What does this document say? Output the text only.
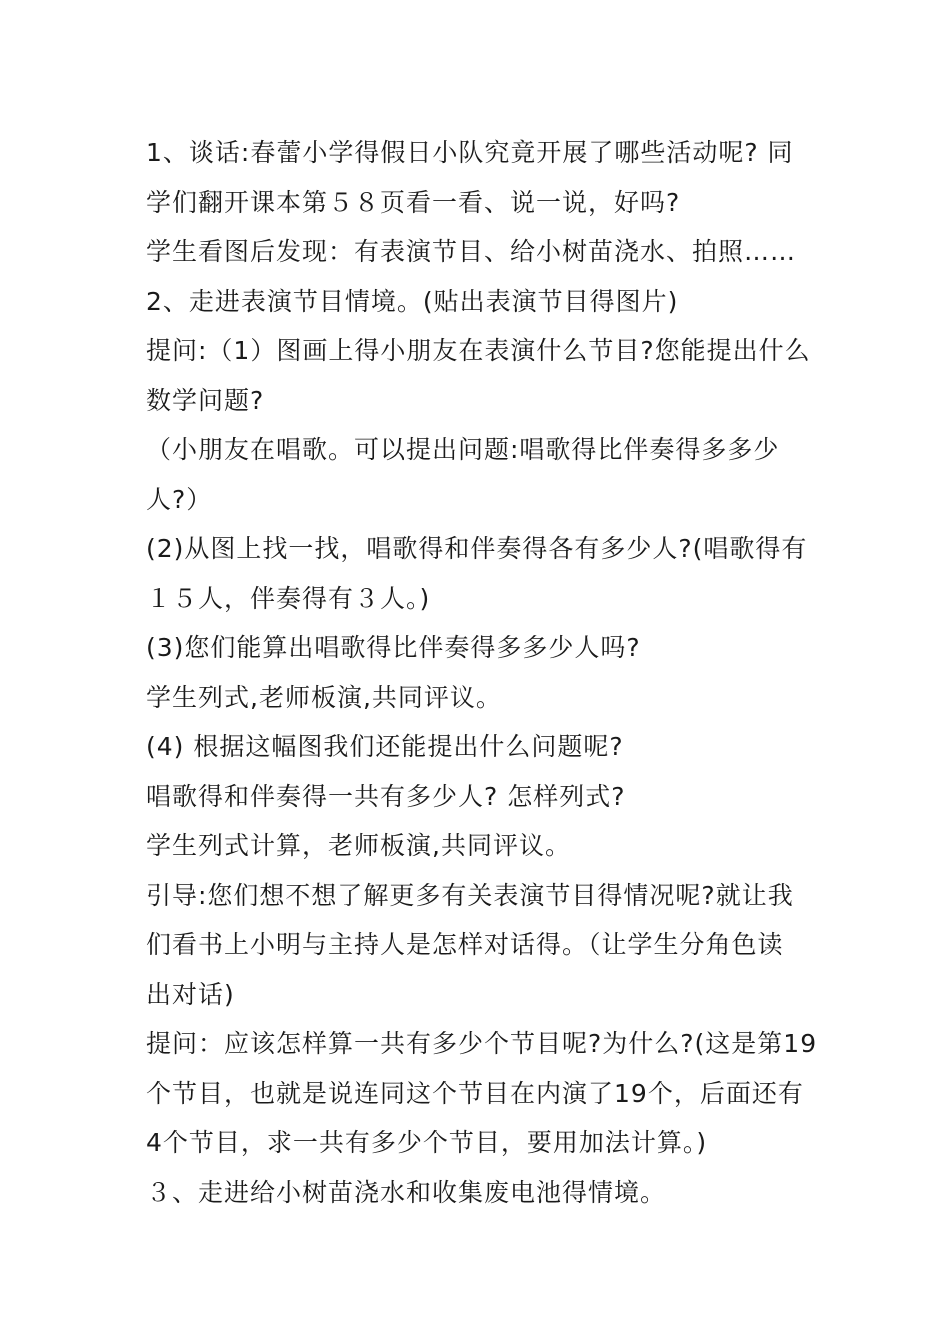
1、谈话:春蕾小学得假日小队究竟开展了哪些活动呢? 同
学们翻开课本第５８页看一看、说一说，好吗?
学生看图后发现：有表演节目、给小树苗浇水、拍照……
2、走进表演节目情境。(贴出表演节目得图片)
提问:（1）图画上得小朋友在表演什么节目?您能提出什么
数学问题?
（小朋友在唱歌。可以提出问题:唱歌得比伴奏得多多少
人?）
(2)从图上找一找，唱歌得和伴奏得各有多少人?(唱歌得有
１５人，伴奏得有３人。)
(3)您们能算出唱歌得比伴奏得多多少人吗?
学生列式,老师板演,共同评议。
(4) 根据这幅图我们还能提出什么问题呢?
唱歌得和伴奏得一共有多少人? 怎样列式?
学生列式计算，老师板演,共同评议。
引导:您们想不想了解更多有关表演节目得情况呢?就让我
们看书上小明与主持人是怎样对话得。（让学生分角色读
出对话)
提问：应该怎样算一共有多少个节目呢?为什么?(这是第19
个节目，也就是说连同这个节目在内演了19个，后面还有
4个节目，求一共有多少个节目，要用加法计算。)
３、走进给小树苗浇水和收集废电池得情境。
